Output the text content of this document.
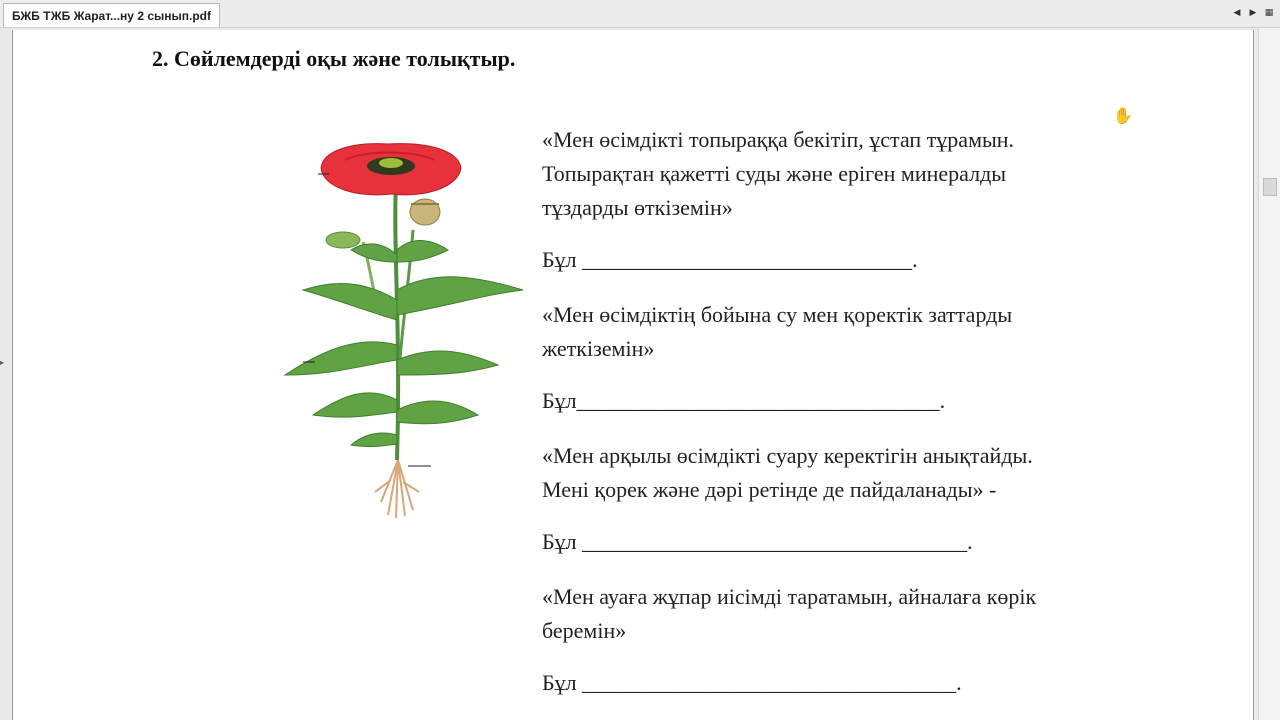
БЖБ ТЖБ Жарат...ну 2 сынып.pdf	◀ ▶ ▦
▸
2. Сөйлемдерді оқы және толықтыр.
«Мен өсімдікті топыраққа бекітіп, ұстап тұрамын.
Топырақтан қажетті суды және еріген минералды
тұздарды өткіземін»
Бұл ______________________________.
«Мен өсімдіктің бойына су мен қоректік заттарды
жеткіземін»
Бұл_________________________________.
«Мен арқылы өсімдікті суару керектігін анықтайды.
Мені қорек және дәрі ретінде де пайдаланады» -
Бұл ___________________________________.
«Мен ауаға жұпар иісімді таратамын, айналаға көрік
беремін»
Бұл __________________________________.
✋
